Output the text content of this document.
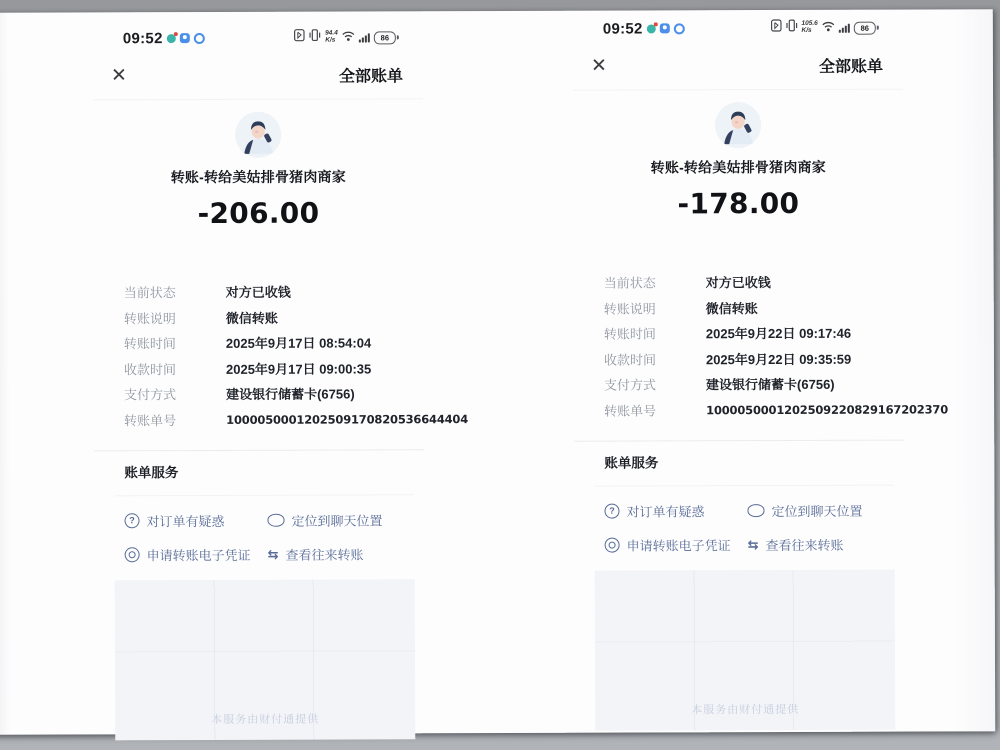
09:52	94.4
K/s	86
✕	全部账单
转账-转给美姑排骨猪肉商家
-206.00
当前状态	对方已收钱
转账说明	微信转账
转账时间	2025年9月17日 08:54:04
收款时间	2025年9月17日 09:00:35
支付方式	建设银行储蓄卡(6756)
转账单号	1000050001202509170820536644404
账单服务
? 对订单有疑惑	定位到聊天位置
申请转账电子凭证 ⇆ 查看往来转账
本服务由财付通提供
09:52	105.6
K/s	86
✕	全部账单
转账-转给美姑排骨猪肉商家
-178.00
当前状态	对方已收钱
转账说明	微信转账
转账时间	2025年9月22日 09:17:46
收款时间	2025年9月22日 09:35:59
支付方式	建设银行储蓄卡(6756)
转账单号	1000050001202509220829167202370
账单服务
? 对订单有疑惑	定位到聊天位置
申请转账电子凭证 ⇆ 查看往来转账
本服务由财付通提供
